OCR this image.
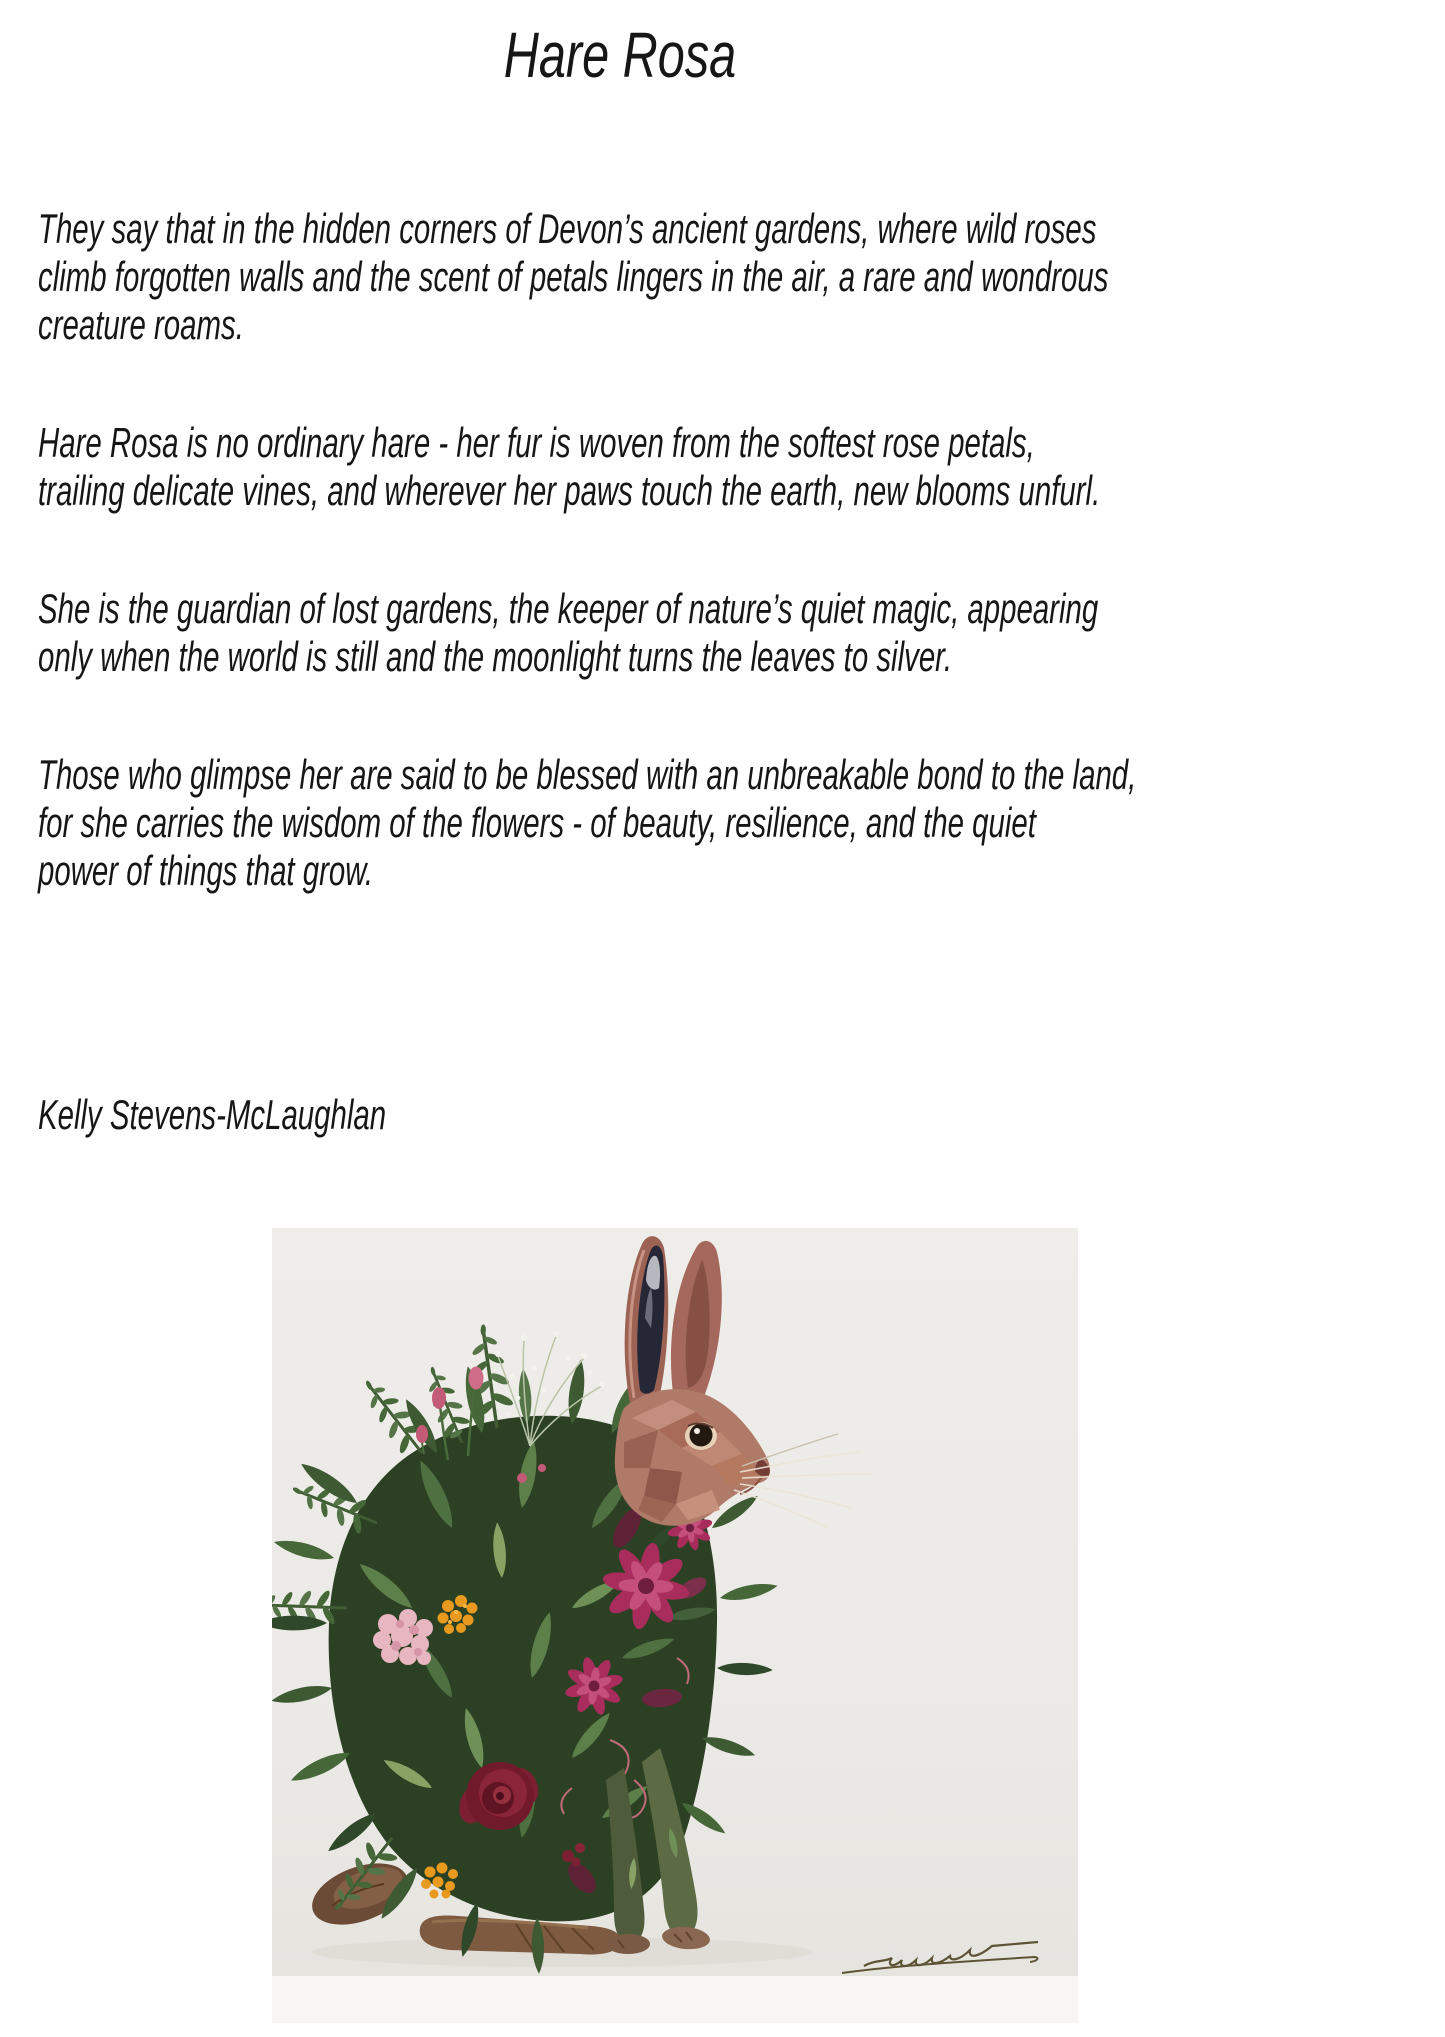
Hare Rosa

They say that in the hidden corners of Devon’s ancient gardens, where wild roses
climb forgotten walls and the scent of petals lingers in the air, a rare and wondrous
creature roams.

Hare Rosa is no ordinary hare - her fur is woven from the softest rose petals,
trailing delicate vines, and wherever her paws touch the earth, new blooms unfurl.

She is the guardian of lost gardens, the keeper of nature’s quiet magic, appearing
only when the world is still and the moonlight turns the leaves to silver.

Those who glimpse her are said to be blessed with an unbreakable bond to the land,
for she carries the wisdom of the flowers - of beauty, resilience, and the quiet
power of things that grow.

Kelly Stevens-McLaughlan
